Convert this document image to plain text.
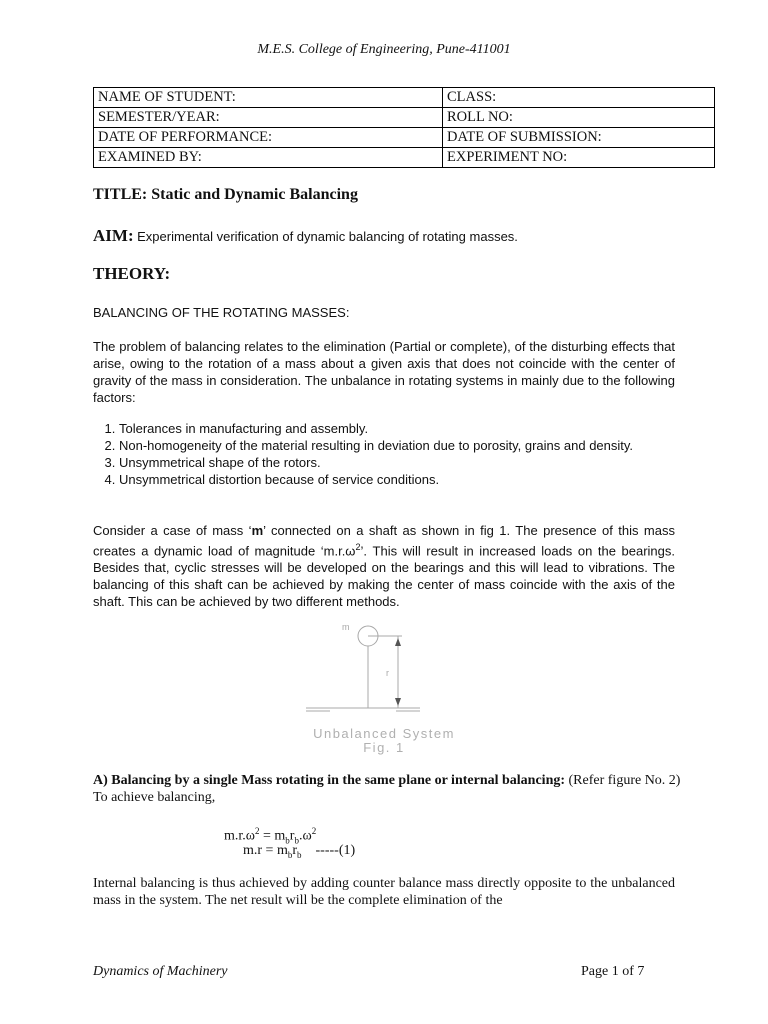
M.E.S. College of Engineering, Pune-411001
NAME OF STUDENT:	CLASS:
SEMESTER/YEAR:	ROLL NO:
DATE OF PERFORMANCE:	DATE OF SUBMISSION:
EXAMINED BY:	EXPERIMENT NO:
TITLE: Static and Dynamic Balancing
AIM: Experimental verification of dynamic balancing of rotating masses.
THEORY:
BALANCING OF THE ROTATING MASSES:

The problem of balancing relates to the elimination (Partial or complete), of the disturbing effects that arise, owing to the rotation of a mass about a given axis that does not coincide with the center of gravity of the mass in consideration. The unbalance in rotating systems in mainly due to the following factors:

1. Tolerances in manufacturing and assembly.
2. Non-homogeneity of the material resulting in deviation due to porosity, grains and density.
3. Unsymmetrical shape of the rotors.
4. Unsymmetrical distortion because of service conditions.

Consider a case of mass ‘m’ connected on a shaft as shown in fig 1. The presence of this mass creates a dynamic load of magnitude ‘$m.r.\omega^2$’. This will result in increased loads on the bearings. Besides that, cyclic stresses will be developed on the bearings and this will lead to vibrations. The balancing of this shaft can be achieved by making the center of mass coincide with the axis of the shaft. This can be achieved by two different methods.

m
r
Unbalanced System
Fig. 1
A) Balancing by a single Mass rotating in the same plane or internal balancing: (Refer figure No. 2)
To achieve balancing,
$m.r.\omega^2 = m_br_b.\omega^2$
$m.r = m_br_b$    -----(1)
Internal balancing is thus achieved by adding counter balance mass directly opposite to the unbalanced mass in the system. The net result will be the complete elimination of the
Dynamics of Machinery	Page 1 of 7
